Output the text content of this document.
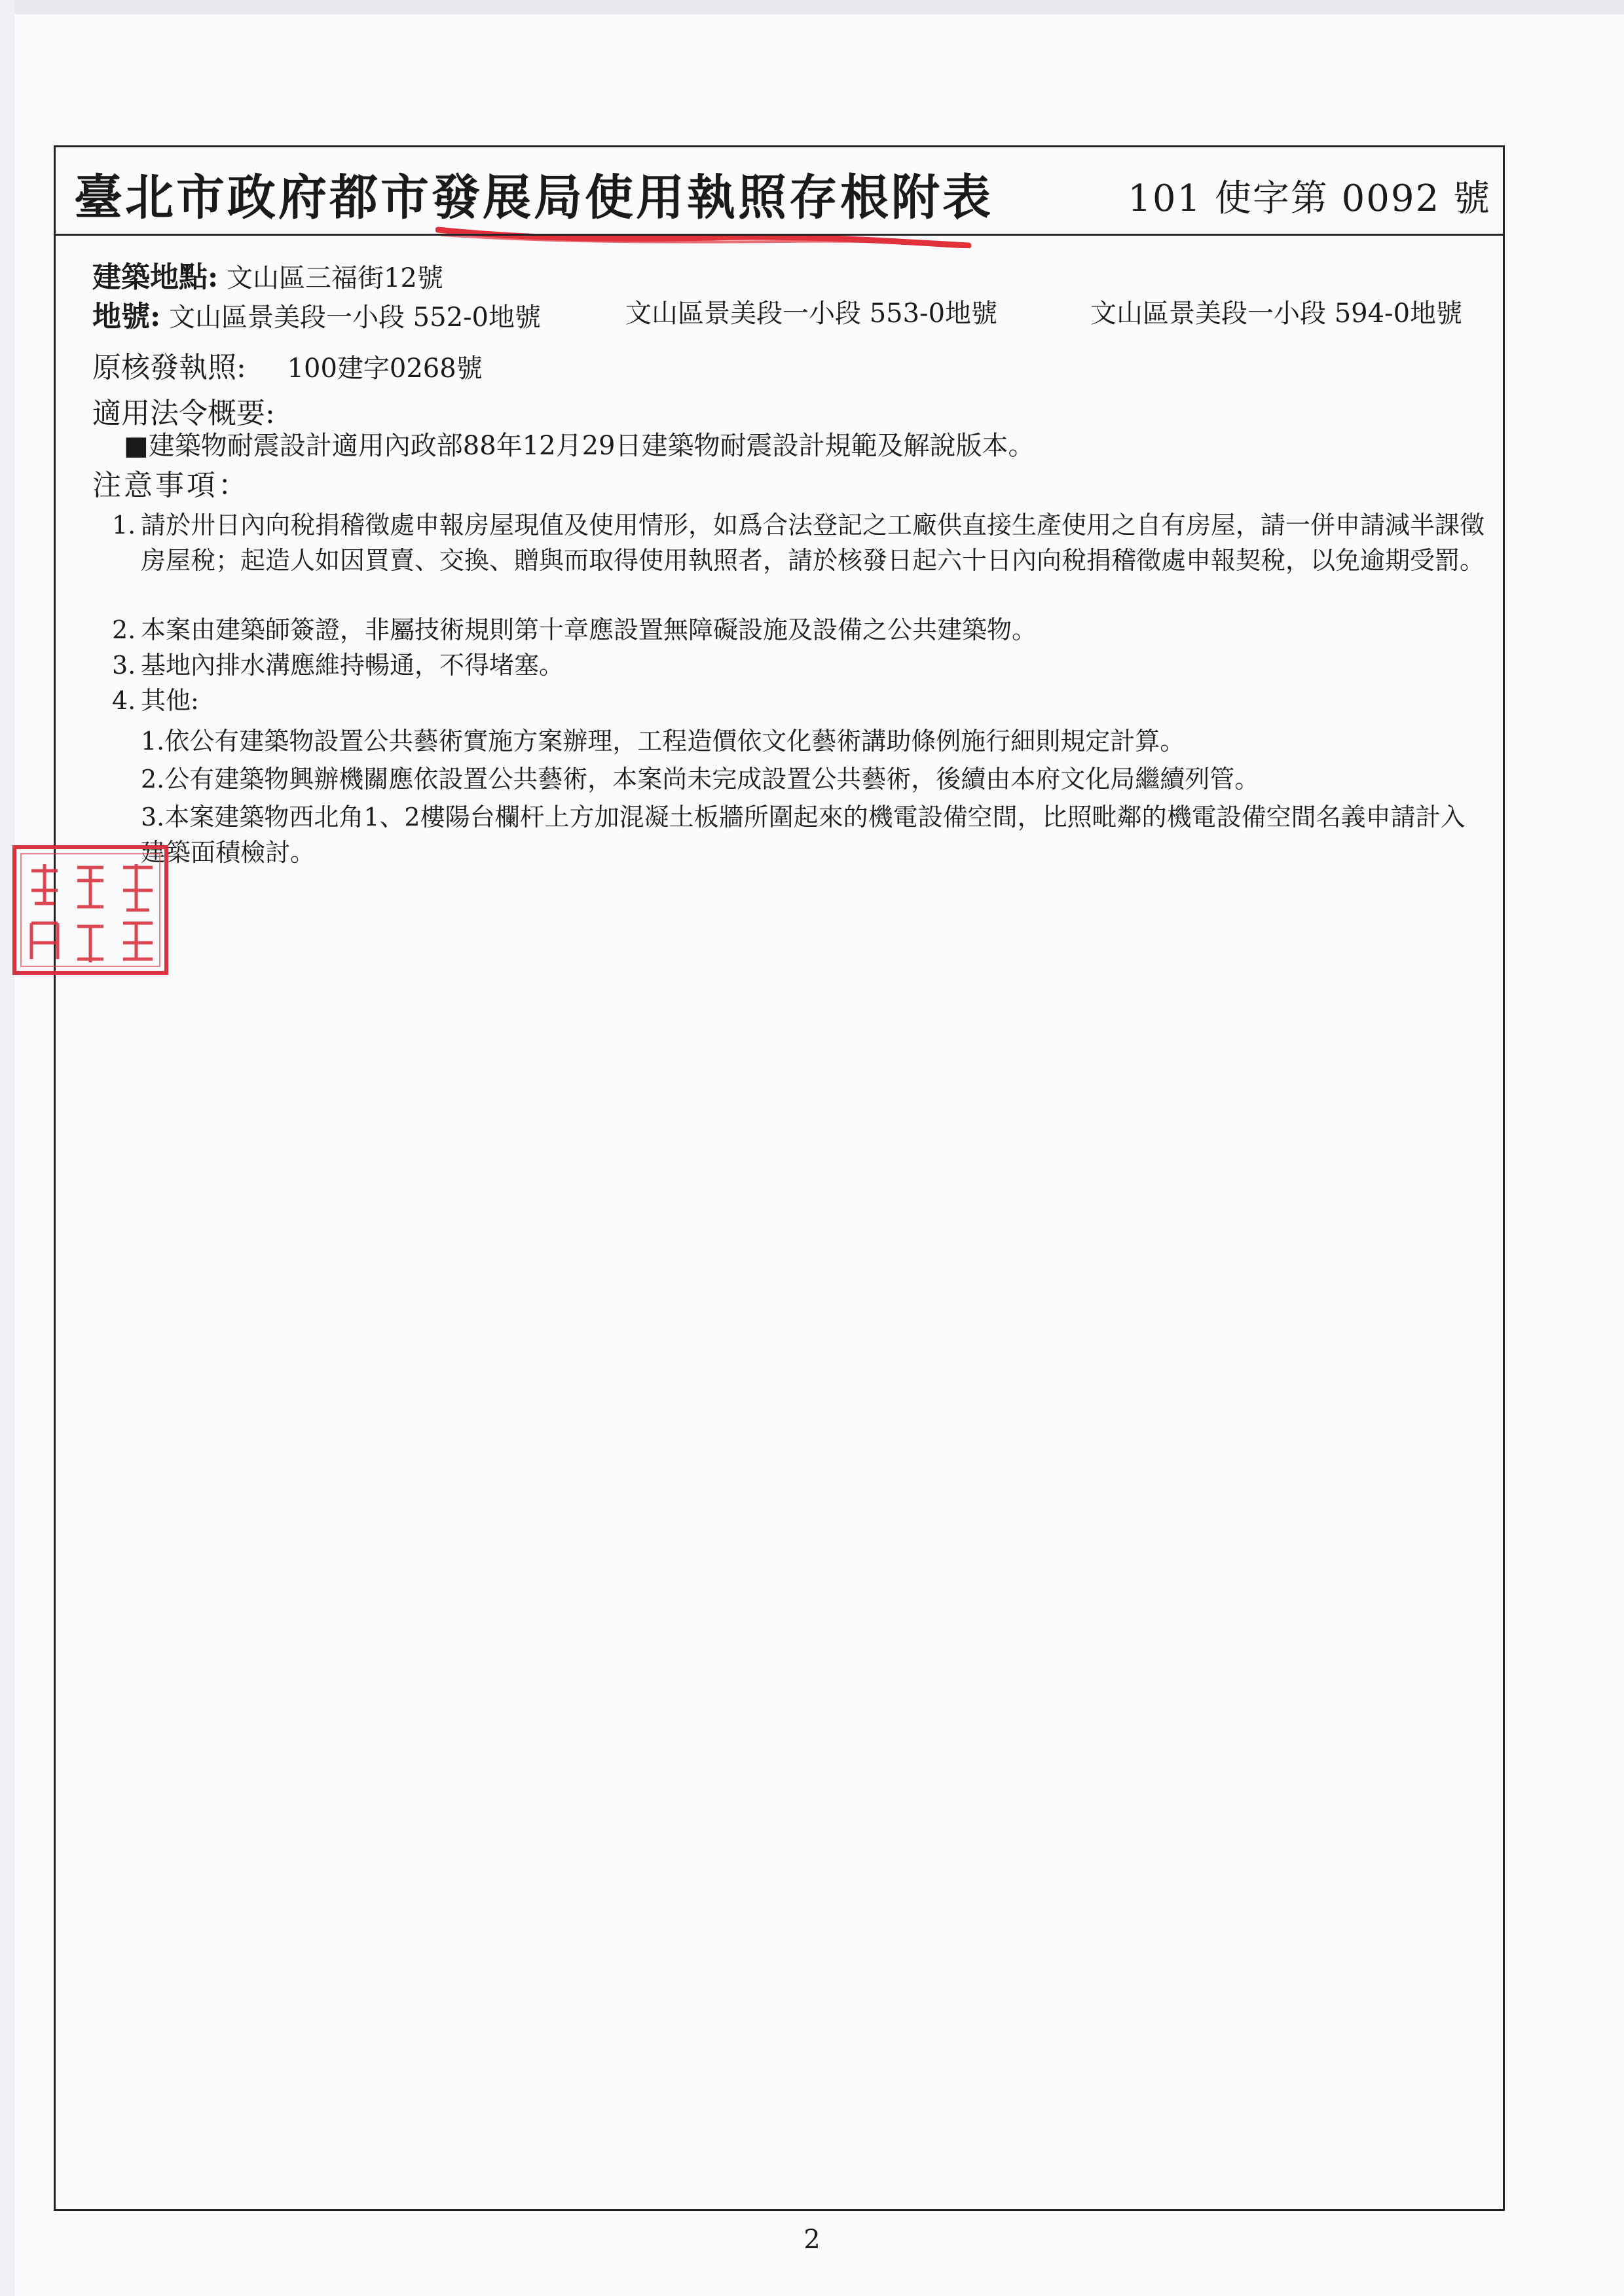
臺北市政府都市發展局使用執照存根附表	101 使字第 0092 號
建築地點: 文山區三福街12號
地號: 文山區景美段一小段 552-0地號	文山區景美段一小段 553-0地號	文山區景美段一小段 594-0地號
原核發執照: 100建字0268號
適用法令概要:
■建築物耐震設計適用內政部88年12月29日建築物耐震設計規範及解說版本。
注意事項：
1. 請於卅日內向稅捐稽徵處申報房屋現值及使用情形，如爲合法登記之工廠供直接生產使用之自有房屋，請一併申請減半課徵房屋稅；起造人如因買賣、交換、贈與而取得使用執照者，請於核發日起六十日內向稅捐稽徵處申報契稅，以免逾期受罰。
2. 本案由建築師簽證，非屬技術規則第十章應設置無障礙設施及設備之公共建築物。
3. 基地內排水溝應維持暢通，不得堵塞。
4. 其他:
1.依公有建築物設置公共藝術實施方案辦理，工程造價依文化藝術講助條例施行細則規定計算。
2.公有建築物興辦機關應依設置公共藝術，本案尚未完成設置公共藝術，後續由本府文化局繼續列管。
3.本案建築物西北角1、2樓陽台欄杆上方加混凝土板牆所圍起來的機電設備空間，比照毗鄰的機電設備空間名義申請計入建築面積檢討。
2
